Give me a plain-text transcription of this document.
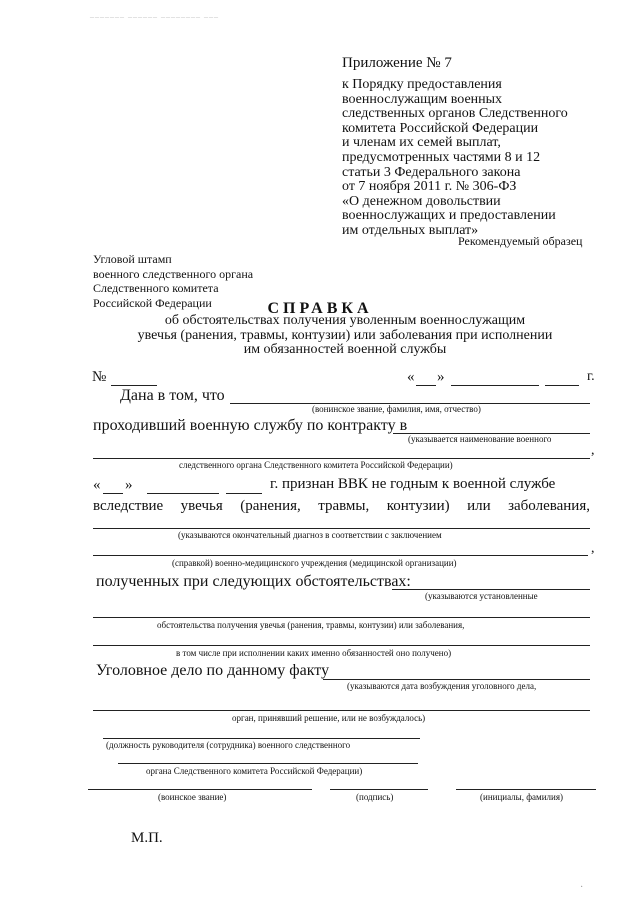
_______ ______ ________ ___
Приложение № 7
к Порядку предоставления
военнослужащим военных
следственных органов Следственного
комитета Российской Федерации
и членам их семей выплат,
предусмотренных частями 8 и 12
статьи 3 Федерального закона
от 7 ноября 2011 г. № 306-ФЗ
«О денежном довольствии
военнослужащих и предоставлении
им отдельных выплат»
Рекомендуемый образец
Угловой штамп
военного следственного органа
Следственного комитета
Российской Федерации	СПРАВКА
об обстоятельствах получения уволенным военнослужащим
увечья (ранения, травмы, контузии) или заболевания при исполнении
им обязанностей военной службы
№	« »	г.
Дана в том, что
(вонинское звание, фамилия, имя, отчество)
проходивший военную службу по контракту в
(указывается наименование военного
,
следственного органа Следственного комитета Российской Федерации)
« »	г. признан ВВК не годным к военной службе
вследствие увечья (ранения, травмы, контузии) или заболевания,
(указываются окончательный диагноз в соответствии с заключением
,
(справкой) военно-медицинского учреждения (медицинской организации)
полученных при следующих обстоятельствах:
(указываются установленные
обстоятельства получения увечья (ранения, травмы, контузии) или заболевания,
в том числе при исполнении каких именно обязанностей оно получено)
Уголовное дело по данному факту
(указываются дата возбуждения уголовного дела,
орган, принявший решение, или не возбуждалось)
(должность руководителя (сотрудника) военного следственного
органа Следственного комитета Российской Федерации)
(воинское звание)	(подпись)	(инициалы, фамилия)
М.П.
·
